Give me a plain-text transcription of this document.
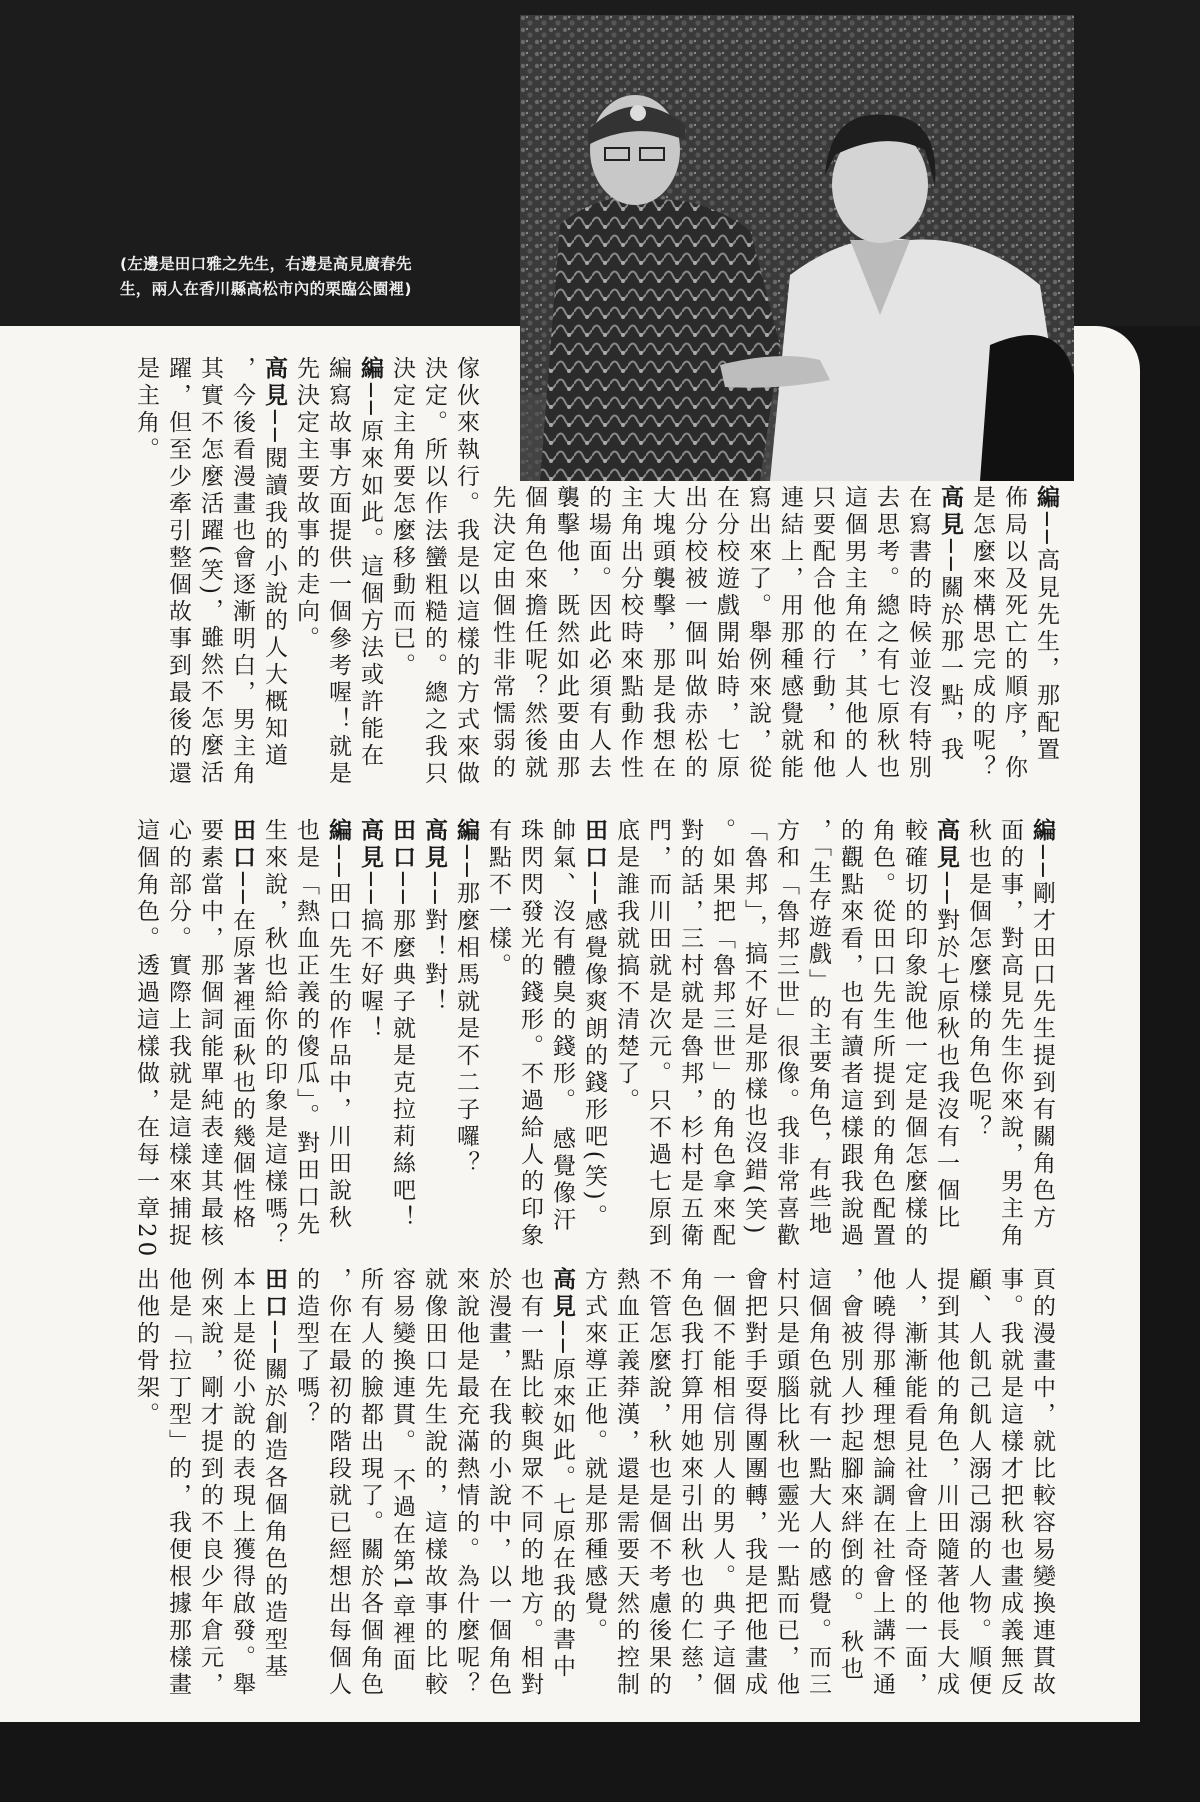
(左邊是田口雅之先生，右邊是高見廣春先
生，兩人在香川縣高松市內的栗臨公園裡)
編──高見先生，那配置
佈局以及死亡的順序，你
是怎麼來構思完成的呢？
高見──關於那一點，我
在寫書的時候並沒有特別
去思考。總之有七原秋也
這個男主角在，其他的人
只要配合他的行動，和他
連結上，用那種感覺就能
寫出來了。舉例來說，從
在分校遊戲開始時，七原
出分校被一個叫做赤松的
大塊頭襲擊，那是我想在
主角出分校時來點動作性
的場面。因此必須有人去
襲擊他，既然如此要由那
個角色來擔任呢？然後就
先決定由個性非常懦弱的
傢伙來執行。我是以這樣的方式來做
決定。所以作法蠻粗糙的。總之我只
決定主角要怎麼移動而已。
編──原來如此。這個方法或許能在
編寫故事方面提供一個參考喔！就是
先決定主要故事的走向。
高見──閱讀我的小說的人大概知道
，今後看漫畫也會逐漸明白，男主角
其實不怎麼活躍(笑)，雖然不怎麼活
躍，但至少牽引整個故事到最後的還
是主角。
編──剛才田口先生提到有關角色方
面的事，對高見先生你來說，男主角
秋也是個怎麼樣的角色呢？
高見──對於七原秋也我沒有一個比
較確切的印象說他一定是個怎麼樣的
角色。從田口先生所提到的角色配置
的觀點來看，也有讀者這樣跟我說過
，「生存遊戲」的主要角色，有些地
方和「魯邦三世」很像。我非常喜歡
「魯邦」，搞不好是那樣也沒錯(笑)
。如果把「魯邦三世」的角色拿來配
對的話，三村就是魯邦，杉村是五衛
門，而川田就是次元。只不過七原到
底是誰我就搞不清楚了。
田口──感覺像爽朗的錢形吧(笑)。
帥氣、沒有體臭的錢形。 感覺像汗
珠閃閃發光的錢形。不過給人的印象
有點不一樣。
編──那麼相馬就是不二子囉？
高見──對！對！
田口──那麼典子就是克拉莉絲吧！
高見──搞不好喔！
編──田口先生的作品中，川田說秋
也是「熱血正義的傻瓜」。對田口先
生來說，秋也給你的印象是這樣嗎？
田口──在原著裡面秋也的幾個性格
要素當中，那個詞能單純表達其最核
心的部分。實際上我就是這樣來捕捉
這個角色。透過這樣做，在每一章20
頁的漫畫中，就比較容易變換連貫故
事。我就是這樣才把秋也畫成義無反
顧、人飢己飢人溺己溺的人物。順便
提到其他的角色，川田隨著他長大成
人，漸漸能看見社會上奇怪的一面，
他曉得那種理想論調在社會上講不通
，會被別人抄起腳來絆倒的。 秋也
這個角色就有一點大人的感覺。而三
村只是頭腦比秋也靈光一點而已，他
會把對手耍得團團轉，我是把他畫成
一個不能相信別人的男人。典子這個
角色我打算用她來引出秋也的仁慈，
不管怎麼說，秋也是個不考慮後果的
熱血正義莽漢，還是需要天然的控制
方式來導正他。就是那種感覺。
高見──原來如此。七原在我的書中
也有一點比較與眾不同的地方。相對
於漫畫，在我的小說中，以一個角色
來說他是最充滿熱情的。為什麼呢？
就像田口先生說的，這樣故事的比較
容易變換連貫。 不過在第1章裡面
所有人的臉都出現了。關於各個角色
，你在最初的階段就已經想出每個人
的造型了嗎？
田口──關於創造各個角色的造型基
本上是從小說的表現上獲得啟發。舉
例來說，剛才提到的不良少年倉元，
他是「拉丁型」的，我便根據那樣畫
出他的骨架。
